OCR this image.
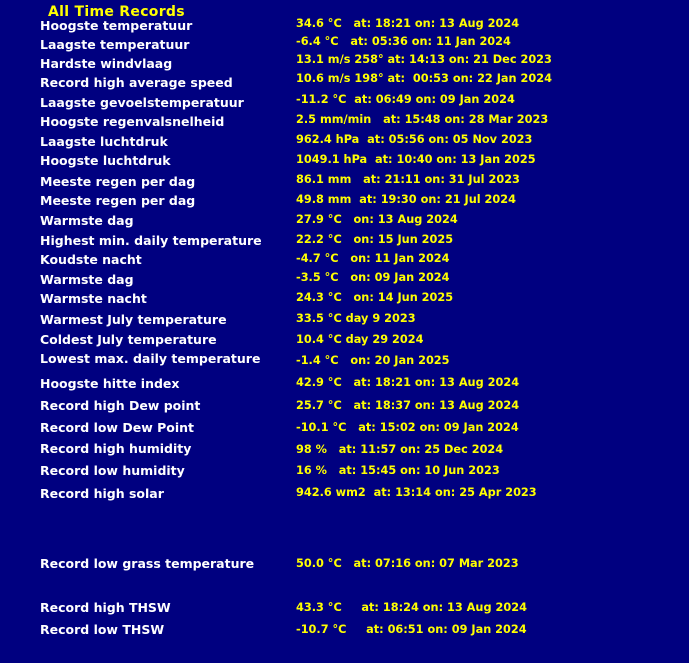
All Time Records
Hoogste temperatuur	34.6 °C   at: 18:21 on: 13 Aug 2024
Laagste temperatuur	-6.4 °C   at: 05:36 on: 11 Jan 2024
Hardste windvlaag	13.1 m/s 258° at: 14:13 on: 21 Dec 2023
Record high average speed	10.6 m/s 198° at:  00:53 on: 22 Jan 2024
Laagste gevoelstemperatuur	-11.2 °C  at: 06:49 on: 09 Jan 2024
Hoogste regenvalsnelheid	2.5 mm/min   at: 15:48 on: 28 Mar 2023
Laagste luchtdruk	962.4 hPa  at: 05:56 on: 05 Nov 2023
Hoogste luchtdruk	1049.1 hPa  at: 10:40 on: 13 Jan 2025
Meeste regen per dag	86.1 mm   at: 21:11 on: 31 Jul 2023
Meeste regen per dag	49.8 mm  at: 19:30 on: 21 Jul 2024
Warmste dag	27.9 °C   on: 13 Aug 2024
Highest min. daily temperature	22.2 °C   on: 15 Jun 2025
Koudste nacht	-4.7 °C   on: 11 Jan 2024
Warmste dag	-3.5 °C   on: 09 Jan 2024
Warmste nacht	24.3 °C   on: 14 Jun 2025
Warmest July temperature	33.5 °C day 9 2023
Coldest July temperature	10.4 °C day 29 2024
Lowest max. daily temperature	-1.4 °C   on: 20 Jan 2025
Hoogste hitte index	42.9 °C   at: 18:21 on: 13 Aug 2024
Record high Dew point	25.7 °C   at: 18:37 on: 13 Aug 2024
Record low Dew Point	-10.1 °C   at: 15:02 on: 09 Jan 2024
Record high humidity	98 %   at: 11:57 on: 25 Dec 2024
Record low humidity	16 %   at: 15:45 on: 10 Jun 2023
Record high solar	942.6 wm2  at: 13:14 on: 25 Apr 2023
Record low grass temperature	50.0 °C   at: 07:16 on: 07 Mar 2023
Record high THSW	43.3 °C     at: 18:24 on: 13 Aug 2024
Record low THSW	-10.7 °C     at: 06:51 on: 09 Jan 2024
